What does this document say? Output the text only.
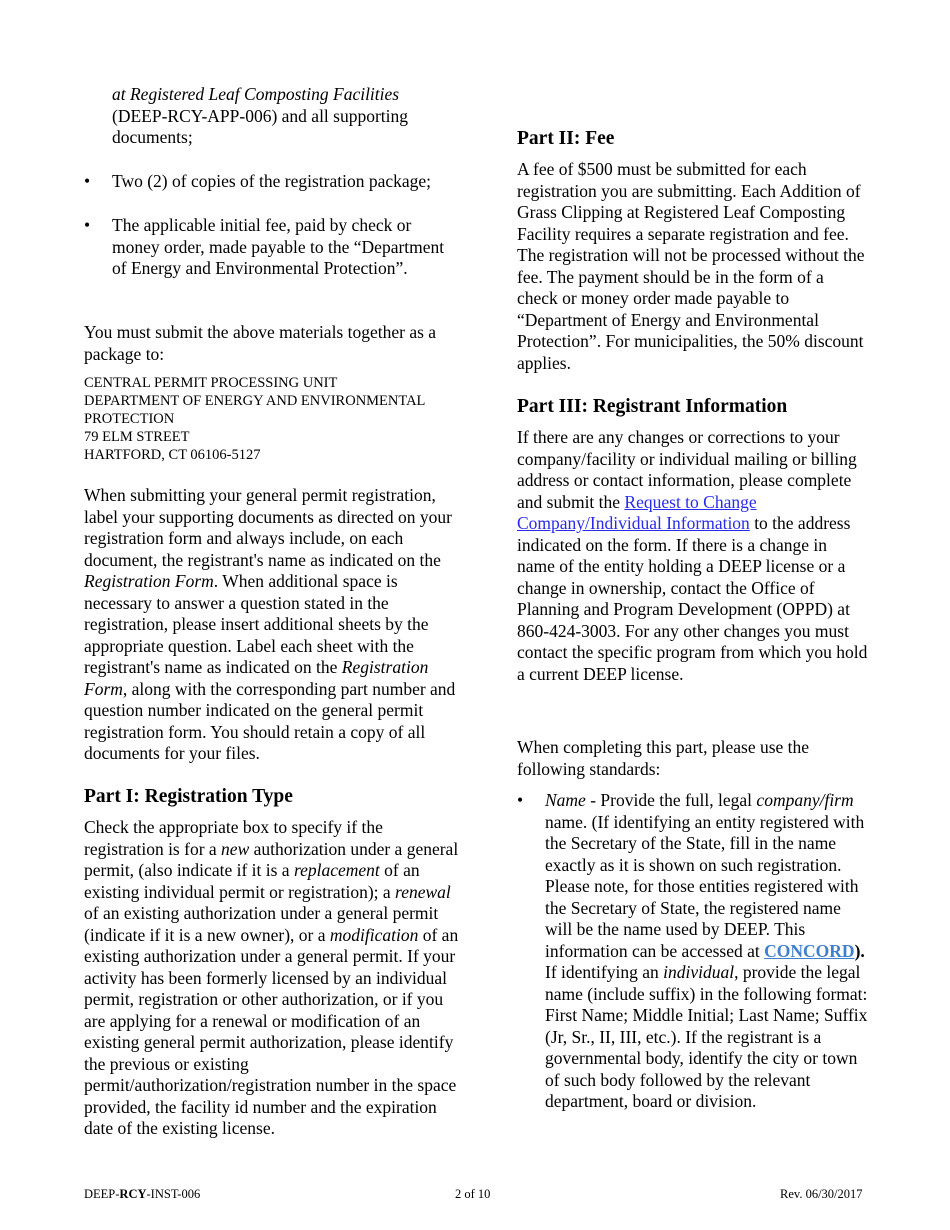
at Registered Leaf Composting Facilities
(DEEP-RCY-APP-006) and all supporting documents;

• Two (2) of copies of the registration package;

• The applicable initial fee, paid by check or money order, made payable to the “Department of Energy and Environmental Protection”.

You must submit the above materials together as a package to:

CENTRAL PERMIT PROCESSING UNIT

DEPARTMENT OF ENERGY AND ENVIRONMENTAL

PROTECTION

79 ELM STREET

HARTFORD, CT 06106-5127

When submitting your general permit registration, label your supporting documents as directed on your registration form and always include, on each document, the registrant's name as indicated on the Registration Form. When additional space is necessary to answer a question stated in the registration, please insert additional sheets by the appropriate question. Label each sheet with the registrant's name as indicated on the Registration Form, along with the corresponding part number and question number indicated on the general permit registration form. You should retain a copy of all documents for your files.

Part I: Registration Type

Check the appropriate box to specify if the registration is for a new authorization under a general permit, (also indicate if it is a replacement of an existing individual permit or registration); a renewal of an existing authorization under a general permit (indicate if it is a new owner), or a modification of an existing authorization under a general permit. If your activity has been formerly licensed by an individual permit, registration or other authorization, or if you are applying for a renewal or modification of an existing general permit authorization, please identify the previous or existing permit/authorization/registration number in the space provided, the facility id number and the expiration date of the existing license.

Part II: Fee

A fee of $500 must be submitted for each registration you are submitting. Each Addition of Grass Clipping at Registered Leaf Composting Facility requires a separate registration and fee. The registration will not be processed without the fee. The payment should be in the form of a check or money order made payable to “Department of Energy and Environmental Protection”. For municipalities, the 50% discount applies.

Part III: Registrant Information

If there are any changes or corrections to your company/facility or individual mailing or billing address or contact information, please complete and submit the Request to Change Company/Individual Information to the address indicated on the form. If there is a change in name of the entity holding a DEEP license or a change in ownership, contact the Office of Planning and Program Development (OPPD) at 860-424-3003. For any other changes you must contact the specific program from which you hold a current DEEP license.

When completing this part, please use the following standards:

• Name - Provide the full, legal company/firm name. (If identifying an entity registered with the Secretary of the State, fill in the name exactly as it is shown on such registration. Please note, for those entities registered with the Secretary of State, the registered name will be the name used by DEEP. This information can be accessed at CONCORD). If identifying an individual, provide the legal name (include suffix) in the following format: First Name; Middle Initial; Last Name; Suffix (Jr, Sr., II, III, etc.). If the registrant is a governmental body, identify the city or town of such body followed by the relevant department, board or division.

DEEP-RCY-INST-006	2 of 10	Rev. 06/30/2017
